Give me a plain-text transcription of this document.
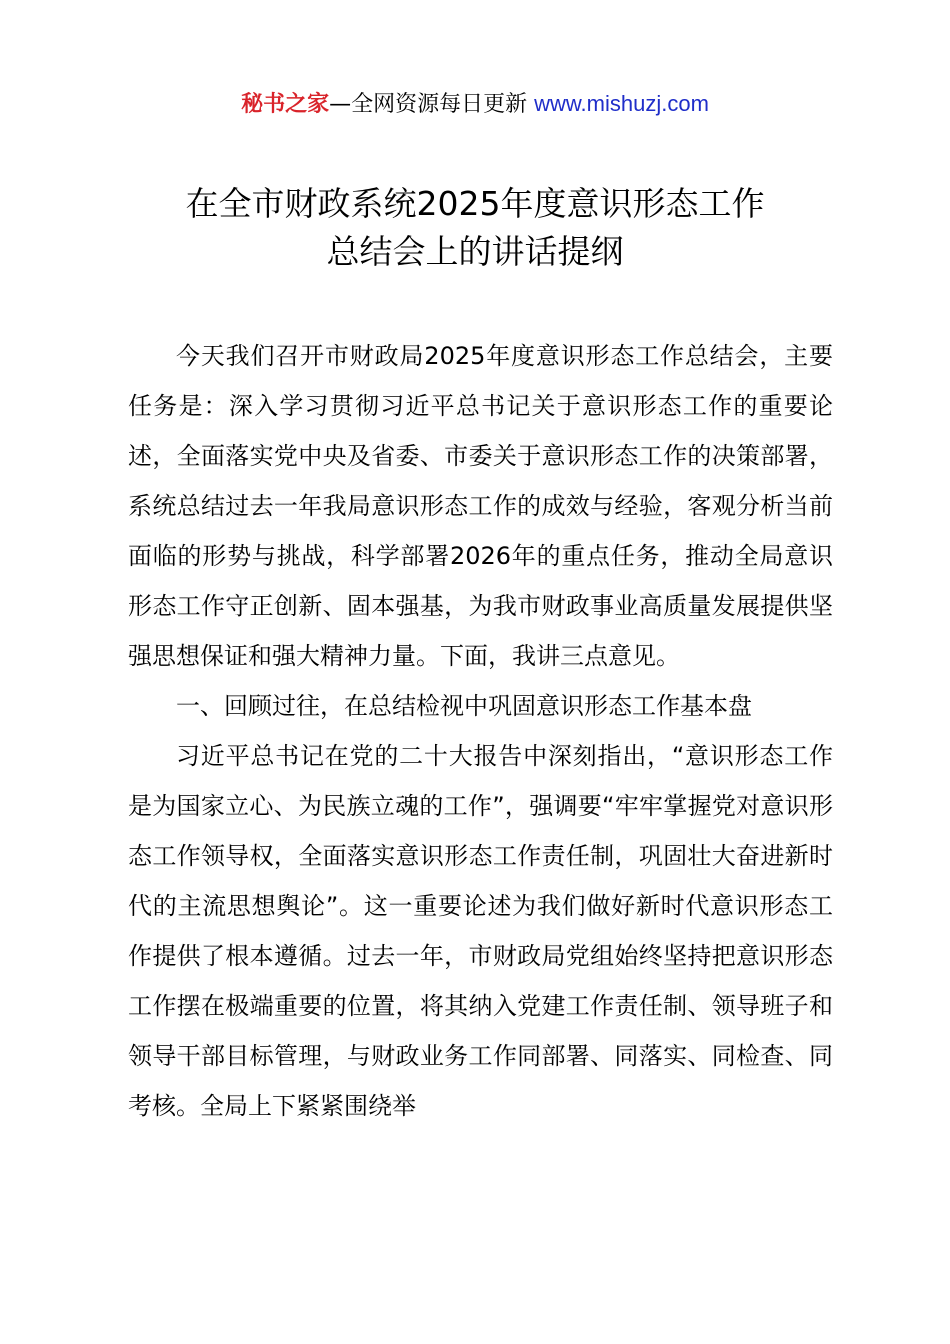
秘书之家—全网资源每日更新 www.mishuzj.com
在全市财政系统2025年度意识形态工作
总结会上的讲话提纲

今天我们召开市财政局2025年度意识形态工作总结会，主要任务是：深入学习贯彻习近平总书记关于意识形态工作的重要论述，全面落实党中央及省委、市委关于意识形态工作的决策部署，系统总结过去一年我局意识形态工作的成效与经验，客观分析当前面临的形势与挑战，科学部署2026年的重点任务，推动全局意识形态工作守正创新、固本强基，为我市财政事业高质量发展提供坚强思想保证和强大精神力量。下面，我讲三点意见。

一、回顾过往，在总结检视中巩固意识形态工作基本盘

习近平总书记在党的二十大报告中深刻指出，“意识形态工作是为国家立心、为民族立魂的工作”，强调要“牢牢掌握党对意识形态工作领导权，全面落实意识形态工作责任制，巩固壮大奋进新时代的主流思想舆论”。这一重要论述为我们做好新时代意识形态工作提供了根本遵循。过去一年，市财政局党组始终坚持把意识形态工作摆在极端重要的位置，将其纳入党建工作责任制、领导班子和领导干部目标管理，与财政业务工作同部署、同落实、同检查、同考核。全局上下紧紧围绕举
